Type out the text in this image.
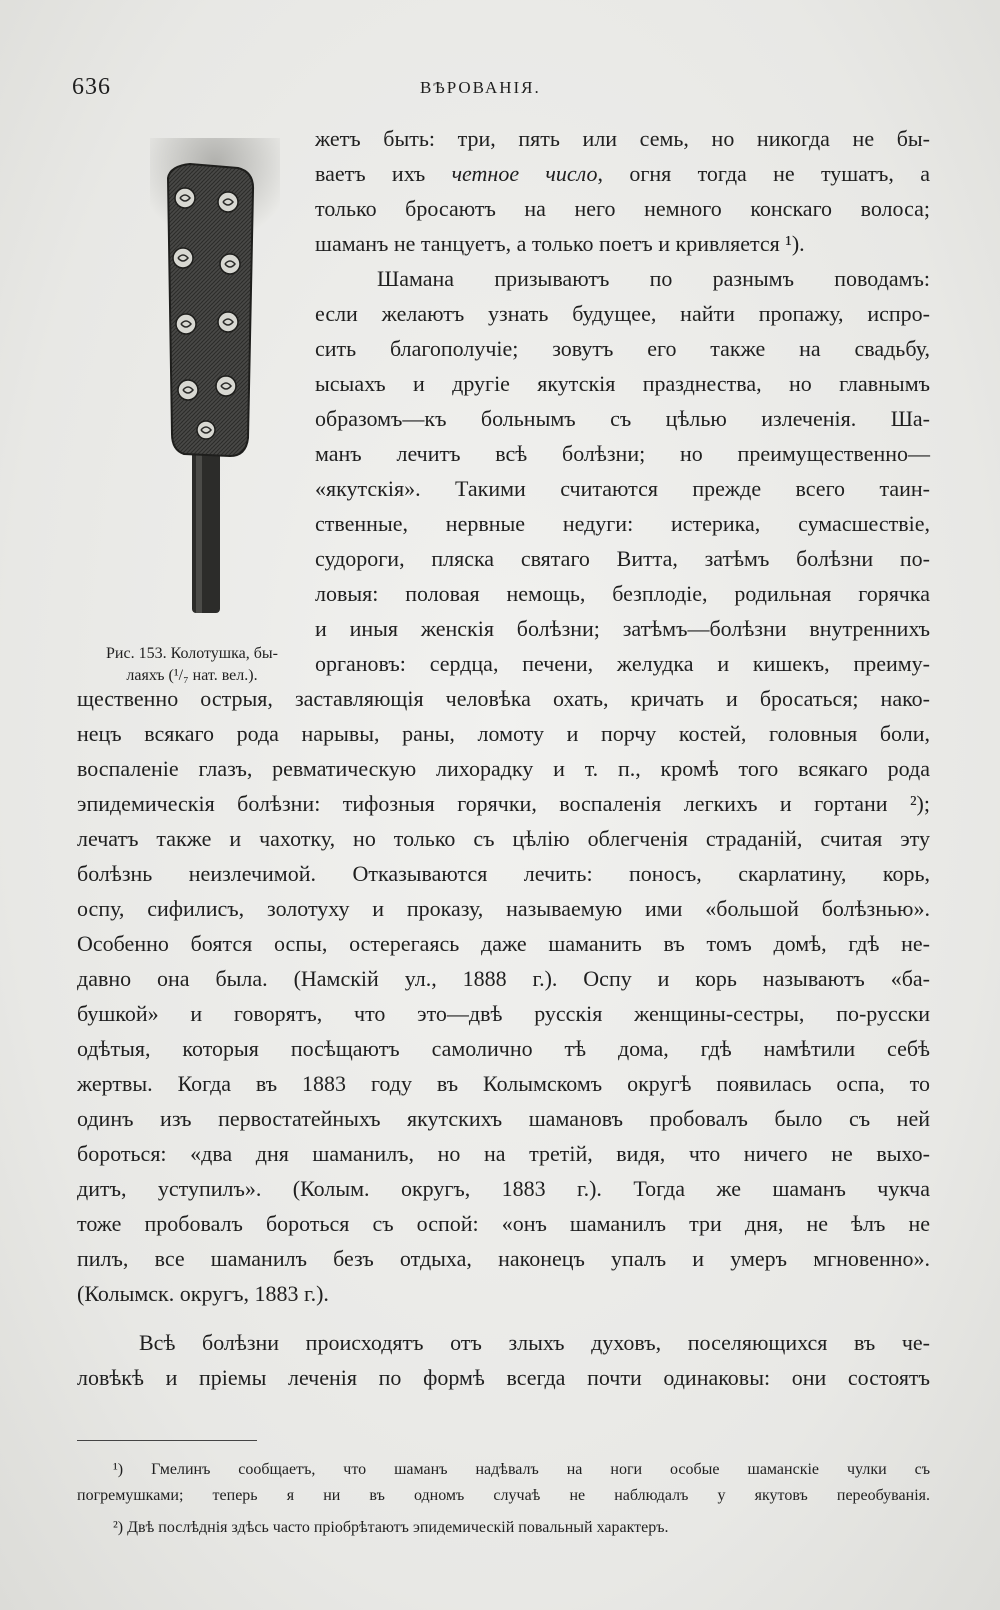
636	ВѢРОВАНІЯ.
Рис. 153. Колотушка, бы-
лаяхъ (¹/₇ нат. вел.).
жетъ быть: три, пять или семь, но никогда не бы-
ваетъ ихъ четное число, огня тогда не тушатъ, а
только бросаютъ на него немного конскаго волоса;
шаманъ не танцуетъ, а только поетъ и кривляется ¹).
Шамана призываютъ по разнымъ поводамъ:
если желаютъ узнать будущее, найти пропажу, испро-
сить благополучіе; зовутъ его также на свадьбу,
ысыахъ и другіе якутскія празднества, но главнымъ
образомъ—къ больнымъ съ цѣлью излеченія. Ша-
манъ лечитъ всѣ болѣзни; но преимущественно—
«якутскія». Такими считаются прежде всего таин-
ственные, нервные недуги: истерика, сумасшествіе,
судороги, пляска святаго Витта, затѣмъ болѣзни по-
ловыя: половая немощь, безплодіе, родильная горячка
и иныя женскія болѣзни; затѣмъ—болѣзни внутреннихъ
органовъ: сердца, печени, желудка и кишекъ, преиму-
щественно острыя, заставляющія человѣка охать, кричать и бросаться; нако-
нецъ всякаго рода нарывы, раны, ломоту и порчу костей, головныя боли,
воспаленіе глазъ, ревматическую лихорадку и т. п., кромѣ того всякаго рода
эпидемическія болѣзни: тифозныя горячки, воспаленія легкихъ и гортани ²);
лечатъ также и чахотку, но только съ цѣлію облегченія страданій, считая эту
болѣзнь неизлечимой. Отказываются лечить: поносъ, скарлатину, корь,
оспу, сифилисъ, золотуху и проказу, называемую ими «большой болѣзнью».
Особенно боятся оспы, остерегаясь даже шаманить въ томъ домѣ, гдѣ не-
давно она была. (Намскій ул., 1888 г.). Оспу и корь называютъ «ба-
бушкой» и говорятъ, что это—двѣ русскія женщины-сестры, по-русски
одѣтыя, которыя посѣщаютъ самолично тѣ дома, гдѣ намѣтили себѣ
жертвы. Когда въ 1883 году въ Колымскомъ округѣ появилась оспа, то
одинъ изъ первостатейныхъ якутскихъ шамановъ пробовалъ было съ ней
бороться: «два дня шаманилъ, но на третій, видя, что ничего не выхо-
дитъ, уступилъ». (Колым. округъ, 1883 г.). Тогда же шаманъ чукча
тоже пробовалъ бороться съ оспой: «онъ шаманилъ три дня, не ѣлъ не
пилъ, все шаманилъ безъ отдыха, наконецъ упалъ и умеръ мгновенно».
(Колымск. округъ, 1883 г.).
Всѣ болѣзни происходятъ отъ злыхъ духовъ, поселяющихся въ че-
ловѣкѣ и пріемы леченія по формѣ всегда почти одинаковы: они состоятъ
¹) Гмелинъ сообщаетъ, что шаманъ надѣвалъ на ноги особые шаманскіе чулки съ
погремушками; теперь я ни въ одномъ случаѣ не наблюдалъ у якутовъ переобуванія.
²) Двѣ послѣднія здѣсь часто пріобрѣтаютъ эпидемическій повальный характеръ.
